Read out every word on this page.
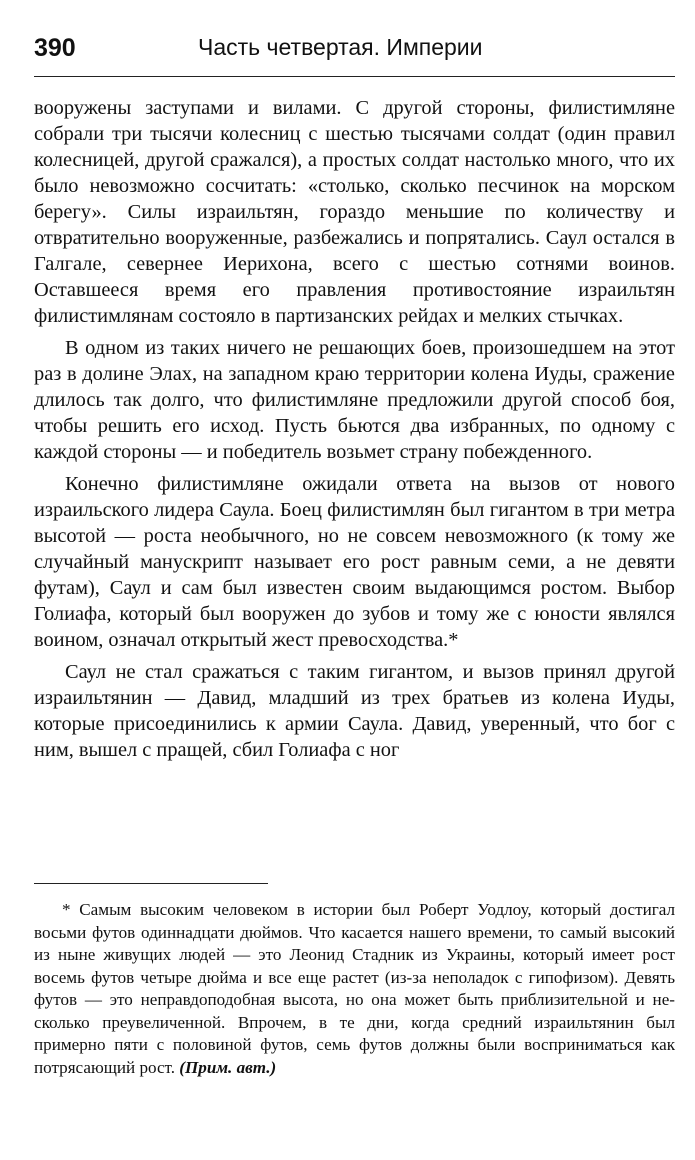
390	Часть четвертая. Империи

вооружены заступами и вилами. С другой стороны, филистимляне собрали три тысячи колесниц с шестью тысячами солдат (один правил колесницей, другой сражался), а простых солдат настолько много, что их было невозможно сосчитать: «столько, сколько песчинок на морском берегу». Силы израильтян, гораздо меньшие по количеству и отвратительно вооруженные, разбежались и попрятались. Саул остался в Галгале, севернее Иерихона, всего с шестью сотнями воинов. Оставшееся время его правления противостояние израильтян филистимлянам состояло в партизанских рейдах и мелких стычках.

В одном из таких ничего не решающих боев, произошедшем на этот раз в долине Элах, на западном краю территории колена Иуды, сражение длилось так долго, что филистимляне предложили другой способ боя, чтобы решить его исход. Пусть бьются два избранных, по одному с каждой стороны — и победитель возьмет страну побежденного.

Конечно филистимляне ожидали ответа на вызов от нового израильского лидера Саула. Боец филистимлян был гигантом в три метра высотой — роста необычного, но не совсем невозможного (к тому же случайный манускрипт называет его рост равным семи, а не девяти футам), Саул и сам был известен своим выдающимся ростом. Выбор Голиафа, который был вооружен до зубов и тому же с юности являлся воином, означал открытый жест превосходства.*

Саул не стал сражаться с таким гигантом, и вызов принял другой израильтянин — Давид, младший из трех братьев из колена Иуды, которые присоединились к армии Саула. Давид, уверенный, что бог с ним, вышел с пращей, сбил Голиафа с ног

* Самым высоким человеком в истории был Роберт Уодлоу, который достигал восьми футов одиннадцати дюймов. Что касается нашего времени, то самый высокий из ныне живущих людей — это Леонид Стадник из Украины, который имеет рост восемь футов четыре дюйма и все еще растет (из-за неполадок с гипофизом). Девять футов — это неправдоподобная высота, но она может быть приблизительной и несколько преувеличенной. Впрочем, в те дни, когда средний израильтянин был примерно пяти с половиной футов, семь футов должны были восприниматься как потрясающий рост. (Прим. авт.)
